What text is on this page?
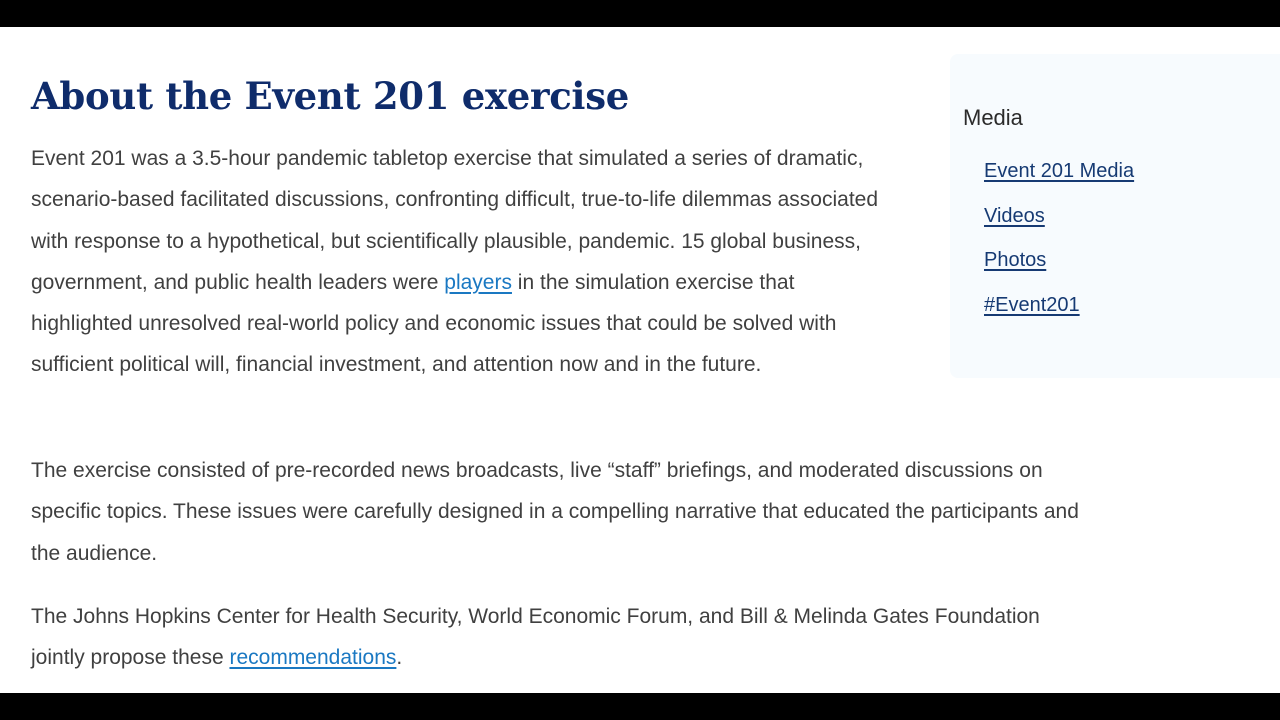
About the Event 201 exercise

Event 201 was a 3.5-hour pandemic tabletop exercise that simulated a series of dramatic, scenario-based facilitated discussions, confronting difficult, true-to-life dilemmas associated with response to a hypothetical, but scientifically plausible, pandemic. 15 global business, government, and public health leaders were players in the simulation exercise that highlighted unresolved real-world policy and economic issues that could be solved with sufficient political will, financial investment, and attention now and in the future.

The exercise consisted of pre-recorded news broadcasts, live “staff” briefings, and moderated discussions on specific topics. These issues were carefully designed in a compelling narrative that educated the participants and the audience.

The Johns Hopkins Center for Health Security, World Economic Forum, and Bill & Melinda Gates Foundation jointly propose these recommendations.

Media
Event 201 Media
Videos
Photos
#Event201
